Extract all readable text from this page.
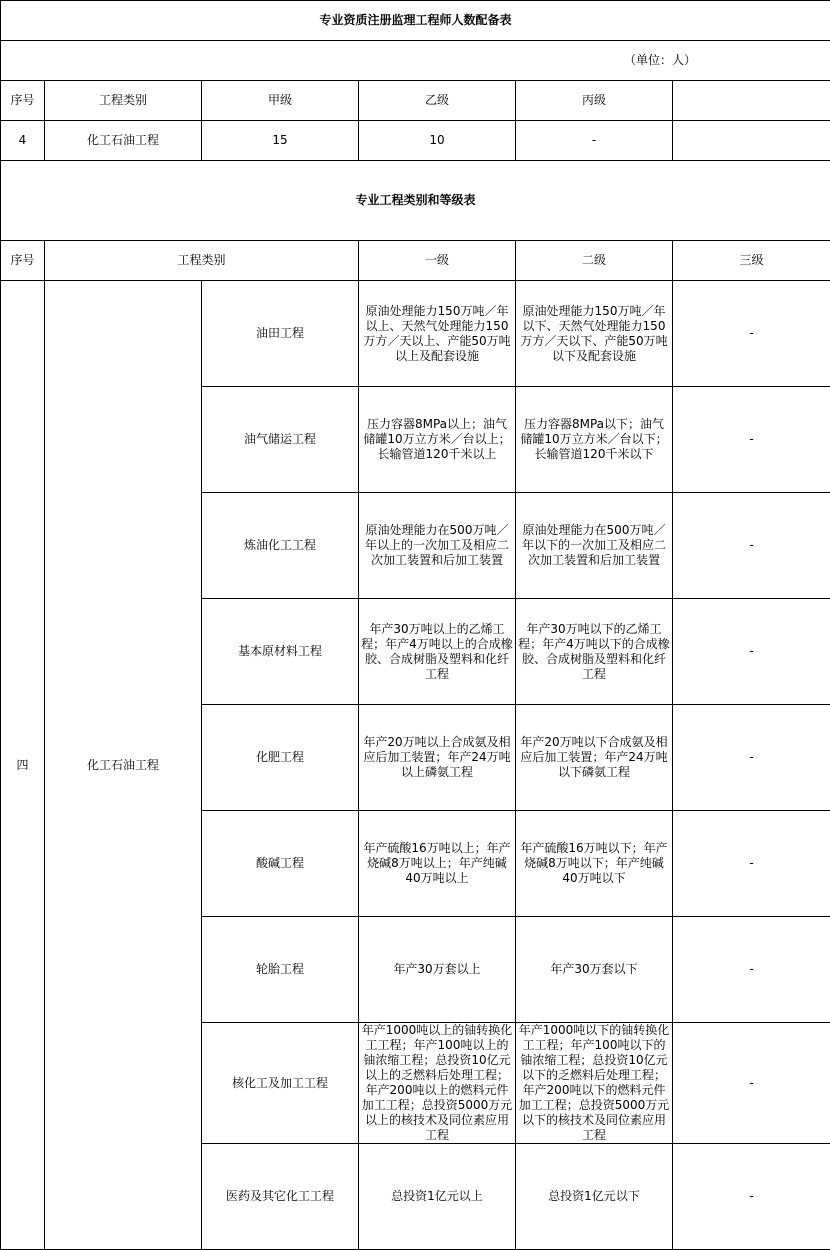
专业资质注册监理工程师人数配备表					
（单位：人）					
序号	工程类别	甲级	乙级	丙级	
4	化工石油工程	15	10	-	
专业工程类别和等级表					
序号	工程类别		一级	二级	三级
四	化工石油工程	油田工程	原油处理能力150万吨／年以上、天然气处理能力150万方／天以上、产能50万吨以上及配套设施	原油处理能力150万吨／年以下、天然气处理能力150万方／天以下、产能50万吨以下及配套设施	-
		油气储运工程	压力容器8MPa以上；油气储罐10万立方米／台以上；长输管道120千米以上	压力容器8MPa以下；油气储罐10万立方米／台以下；长输管道120千米以下	-
		炼油化工工程	原油处理能力在500万吨／年以上的一次加工及相应二次加工装置和后加工装置	原油处理能力在500万吨／年以下的一次加工及相应二次加工装置和后加工装置	-
		基本原材料工程	年产30万吨以上的乙烯工程；年产4万吨以上的合成橡胶、合成树脂及塑料和化纤工程	年产30万吨以下的乙烯工程；年产4万吨以下的合成橡胶、合成树脂及塑料和化纤工程	-
		化肥工程	年产20万吨以上合成氨及相应后加工装置；年产24万吨以上磷氨工程	年产20万吨以下合成氨及相应后加工装置；年产24万吨以下磷氨工程	-
		酸碱工程	年产硫酸16万吨以上；年产烧碱8万吨以上；年产纯碱40万吨以上	年产硫酸16万吨以下；年产烧碱8万吨以下；年产纯碱40万吨以下	-
		轮胎工程	年产30万套以上	年产30万套以下	-
		核化工及加工工程	年产1000吨以上的铀转换化工工程；年产100吨以上的铀浓缩工程；总投资10亿元以上的乏燃料后处理工程；年产200吨以上的燃料元件加工工程；总投资5000万元以上的核技术及同位素应用工程	年产1000吨以下的铀转换化工工程；年产100吨以下的铀浓缩工程；总投资10亿元以下的乏燃料后处理工程；年产200吨以下的燃料元件加工工程；总投资5000万元以下的核技术及同位素应用工程	-
		医药及其它化工工程	总投资1亿元以上	总投资1亿元以下	-
